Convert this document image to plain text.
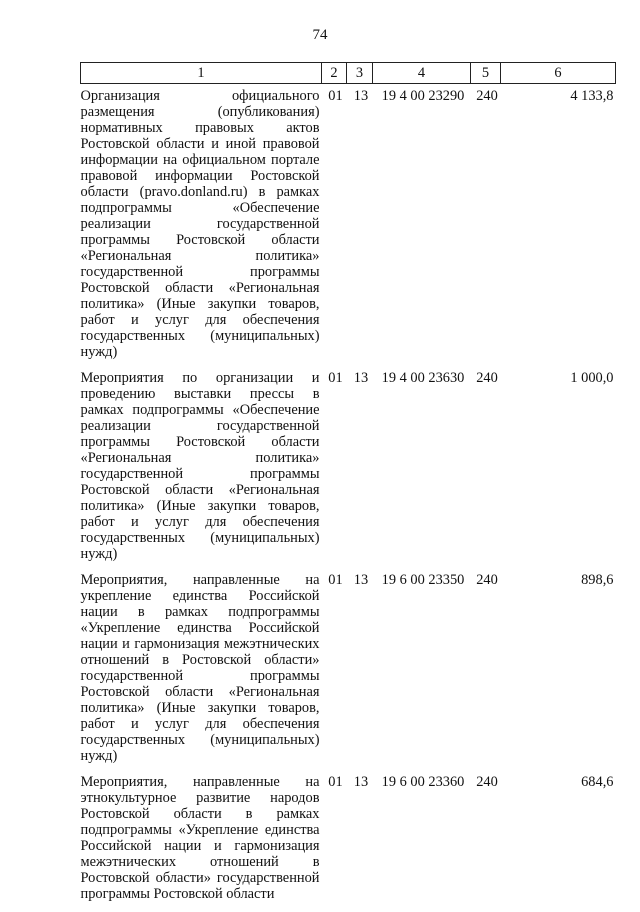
74
1	2	3	4	5	6
Организация официального размещения (опубликования) нормативных правовых актов Ростовской области и иной правовой информации на официальном портале правовой информации Ростовской области (pravo.donland.ru) в рамках подпрограммы «Обеспечение реализации государственной программы Ростовской области «Региональная политика» государственной программы Ростовской области «Региональная политика» (Иные закупки товаров, работ и услуг для обеспечения государственных (муниципальных) нужд)	01	13	19 4 00 23290	240	4 133,8
Мероприятия по организации и проведению выставки прессы в рамках подпрограммы «Обеспечение реализации государственной программы Ростовской области «Региональная политика» государственной программы Ростовской области «Региональная политика» (Иные закупки товаров, работ и услуг для обеспечения государственных (муниципальных) нужд)	01	13	19 4 00 23630	240	1 000,0
Мероприятия, направленные на укрепление единства Российской нации в рамках подпрограммы «Укрепление единства Российской нации и гармонизация межэтнических отношений в Ростовской области» государственной программы Ростовской области «Региональная политика» (Иные закупки товаров, работ и услуг для обеспечения государственных (муниципальных) нужд)	01	13	19 6 00 23350	240	898,6
Мероприятия, направленные на этнокультурное развитие народов Ростовской области в рамках подпрограммы «Укрепление единства Российской нации и гармонизация межэтнических отношений в Ростовской области» государственной программы Ростовской области	01	13	19 6 00 23360	240	684,6
